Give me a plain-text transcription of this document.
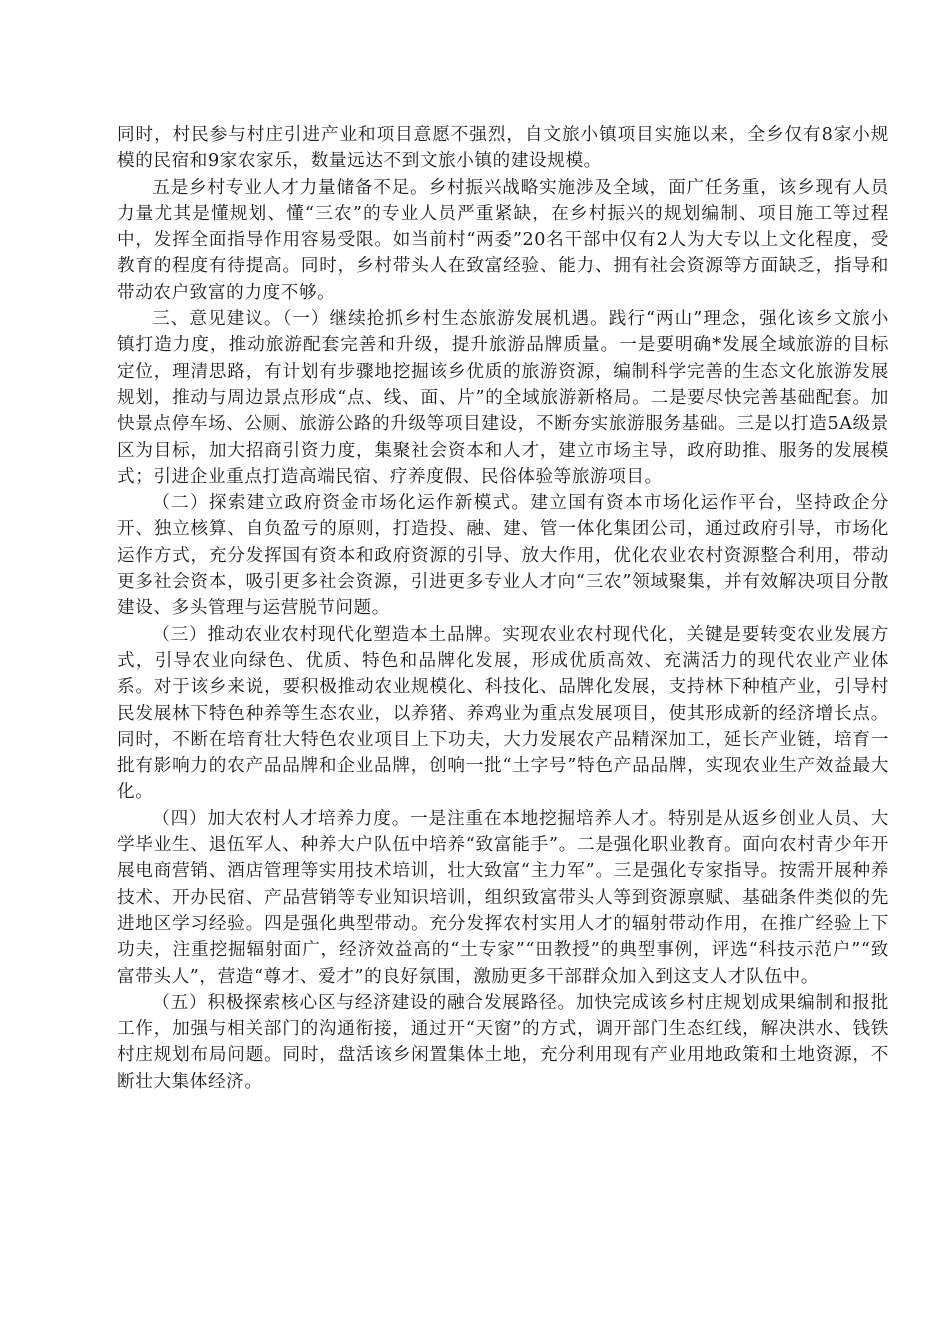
同时，村民参与村庄引进产业和项目意愿不强烈，自文旅小镇项目实施以来，全乡仅有8家小规模的民宿和9家农家乐，数量远达不到文旅小镇的建设规模。

五是乡村专业人才力量储备不足。乡村振兴战略实施涉及全域，面广任务重，该乡现有人员力量尤其是懂规划、懂“三农”的专业人员严重紧缺，在乡村振兴的规划编制、项目施工等过程中，发挥全面指导作用容易受限。如当前村“两委”20名干部中仅有2人为大专以上文化程度，受教育的程度有待提高。同时，乡村带头人在致富经验、能力、拥有社会资源等方面缺乏，指导和带动农户致富的力度不够。

三、意见建议。（一）继续抢抓乡村生态旅游发展机遇。践行“两山”理念，强化该乡文旅小镇打造力度，推动旅游配套完善和升级，提升旅游品牌质量。一是要明确*发展全域旅游的目标定位，理清思路，有计划有步骤地挖掘该乡优质的旅游资源，编制科学完善的生态文化旅游发展规划，推动与周边景点形成“点、线、面、片”的全域旅游新格局。二是要尽快完善基础配套。加快景点停车场、公厕、旅游公路的升级等项目建设，不断夯实旅游服务基础。三是以打造5A级景区为目标，加大招商引资力度，集聚社会资本和人才，建立市场主导，政府助推、服务的发展模式；引进企业重点打造高端民宿、疗养度假、民俗体验等旅游项目。

（二）探索建立政府资金市场化运作新模式。建立国有资本市场化运作平台，坚持政企分开、独立核算、自负盈亏的原则，打造投、融、建、管一体化集团公司，通过政府引导，市场化运作方式，充分发挥国有资本和政府资源的引导、放大作用，优化农业农村资源整合利用，带动更多社会资本，吸引更多社会资源，引进更多专业人才向“三农”领域聚集，并有效解决项目分散建设、多头管理与运营脱节问题。

（三）推动农业农村现代化塑造本土品牌。实现农业农村现代化，关键是要转变农业发展方式，引导农业向绿色、优质、特色和品牌化发展，形成优质高效、充满活力的现代农业产业体系。对于该乡来说，要积极推动农业规模化、科技化、品牌化发展，支持林下种植产业，引导村民发展林下特色种养等生态农业，以养猪、养鸡业为重点发展项目，使其形成新的经济增长点。同时，不断在培育壮大特色农业项目上下功夫，大力发展农产品精深加工，延长产业链，培育一批有影响力的农产品品牌和企业品牌，创响一批“土字号”特色产品品牌，实现农业生产效益最大化。

（四）加大农村人才培养力度。一是注重在本地挖掘培养人才。特别是从返乡创业人员、大学毕业生、退伍军人、种养大户队伍中培养“致富能手”。二是强化职业教育。面向农村青少年开展电商营销、酒店管理等实用技术培训，壮大致富“主力军”。三是强化专家指导。按需开展种养技术、开办民宿、产品营销等专业知识培训，组织致富带头人等到资源禀赋、基础条件类似的先进地区学习经验。四是强化典型带动。充分发挥农村实用人才的辐射带动作用，在推广经验上下功夫，注重挖掘辐射面广，经济效益高的“土专家”“田教授”的典型事例，评选“科技示范户”“致富带头人”，营造“尊才、爱才”的良好氛围，激励更多干部群众加入到这支人才队伍中。

（五）积极探索核心区与经济建设的融合发展路径。加快完成该乡村庄规划成果编制和报批工作，加强与相关部门的沟通衔接，通过开“天窗”的方式，调开部门生态红线，解决洪水、钱铁村庄规划布局问题。同时，盘活该乡闲置集体土地，充分利用现有产业用地政策和土地资源，不断壮大集体经济。
